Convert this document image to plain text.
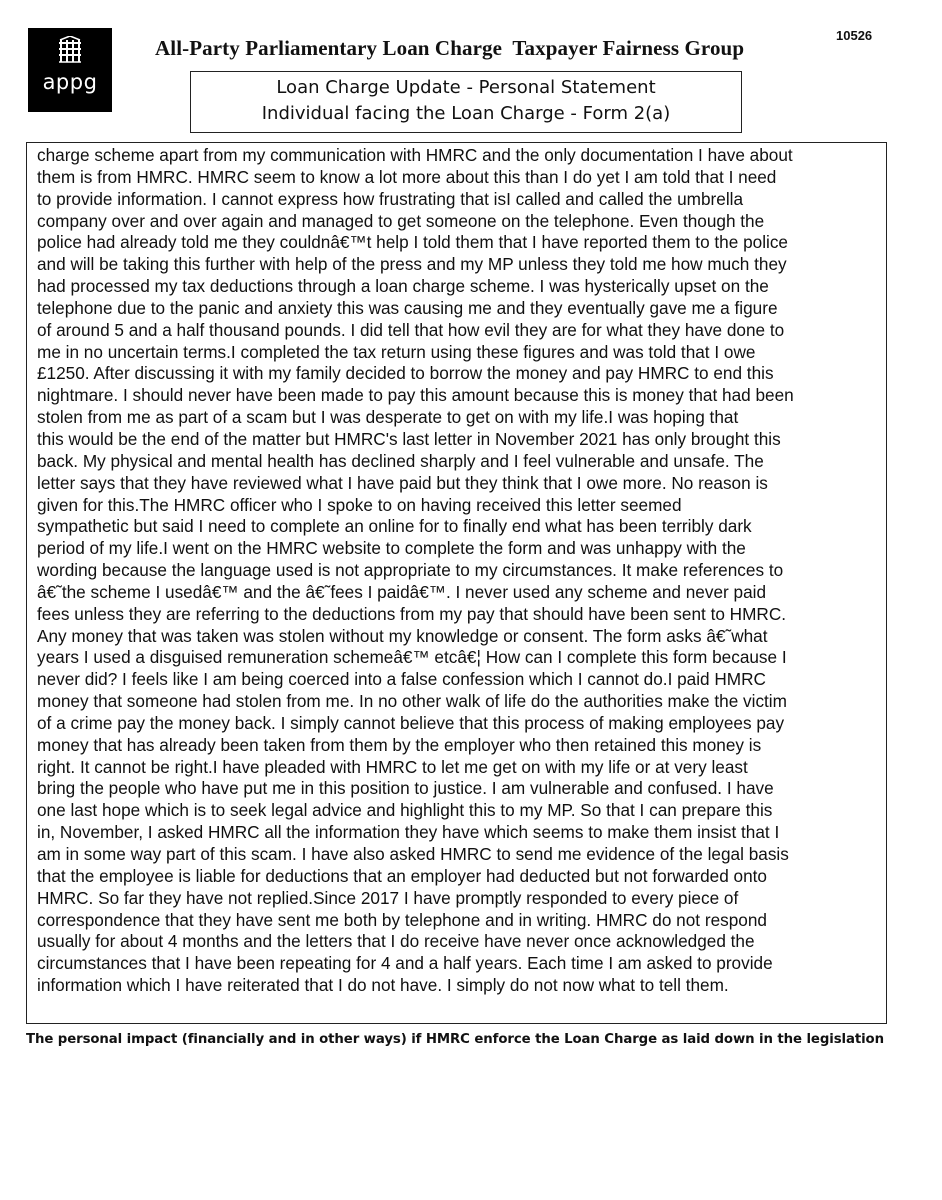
appg
10526
All-Party Parliamentary Loan Charge  Taxpayer Fairness Group
Loan Charge Update - Personal Statement
Individual facing the Loan Charge - Form 2(a)
charge scheme apart from my communication with HMRC and the only documentation I have about
them is from HMRC. HMRC seem to know a lot more about this than I do yet I am told that I need
to provide information. I cannot express how frustrating that isI called and called the umbrella
company over and over again and managed to get someone on the telephone. Even though the
police had already told me they couldnâ€™t help I told them that I have reported them to the police
and will be taking this further with help of the press and my MP unless they told me how much they
had processed my tax deductions through a loan charge scheme. I was hysterically upset on the
telephone due to the panic and anxiety this was causing me and they eventually gave me a figure
of around 5 and a half thousand pounds. I did tell that how evil they are for what they have done to
me in no uncertain terms.I completed the tax return using these figures and was told that I owe
£1250. After discussing it with my family decided to borrow the money and pay HMRC to end this
nightmare. I should never have been made to pay this amount because this is money that had been
stolen from me as part of a scam but I was desperate to get on with my life.I was hoping that
this would be the end of the matter but HMRC's last letter in November 2021 has only brought this
back. My physical and mental health has declined sharply and I feel vulnerable and unsafe. The
letter says that they have reviewed what I have paid but they think that I owe more. No reason is
given for this.The HMRC officer who I spoke to on having received this letter seemed
sympathetic but said I need to complete an online for to finally end what has been terribly dark
period of my life.I went on the HMRC website to complete the form and was unhappy with the
wording because the language used is not appropriate to my circumstances. It make references to
â€˜the scheme I usedâ€™ and the â€˜fees I paidâ€™. I never used any scheme and never paid
fees unless they are referring to the deductions from my pay that should have been sent to HMRC.
Any money that was taken was stolen without my knowledge or consent. The form asks â€˜what
years I used a disguised remuneration schemeâ€™ etcâ€¦ How can I complete this form because I
never did? I feels like I am being coerced into a false confession which I cannot do.I paid HMRC
money that someone had stolen from me. In no other walk of life do the authorities make the victim
of a crime pay the money back. I simply cannot believe that this process of making employees pay
money that has already been taken from them by the employer who then retained this money is
right. It cannot be right.I have pleaded with HMRC to let me get on with my life or at very least
bring the people who have put me in this position to justice. I am vulnerable and confused. I have
one last hope which is to seek legal advice and highlight this to my MP. So that I can prepare this
in, November, I asked HMRC all the information they have which seems to make them insist that I
am in some way part of this scam. I have also asked HMRC to send me evidence of the legal basis
that the employee is liable for deductions that an employer had deducted but not forwarded onto
HMRC. So far they have not replied.Since 2017 I have promptly responded to every piece of
correspondence that they have sent me both by telephone and in writing. HMRC do not respond
usually for about 4 months and the letters that I do receive have never once acknowledged the
circumstances that I have been repeating for 4 and a half years. Each time I am asked to provide
information which I have reiterated that I do not have. I simply do not now what to tell them.
The personal impact (financially and in other ways) if HMRC enforce the Loan Charge as laid down in the legislation
